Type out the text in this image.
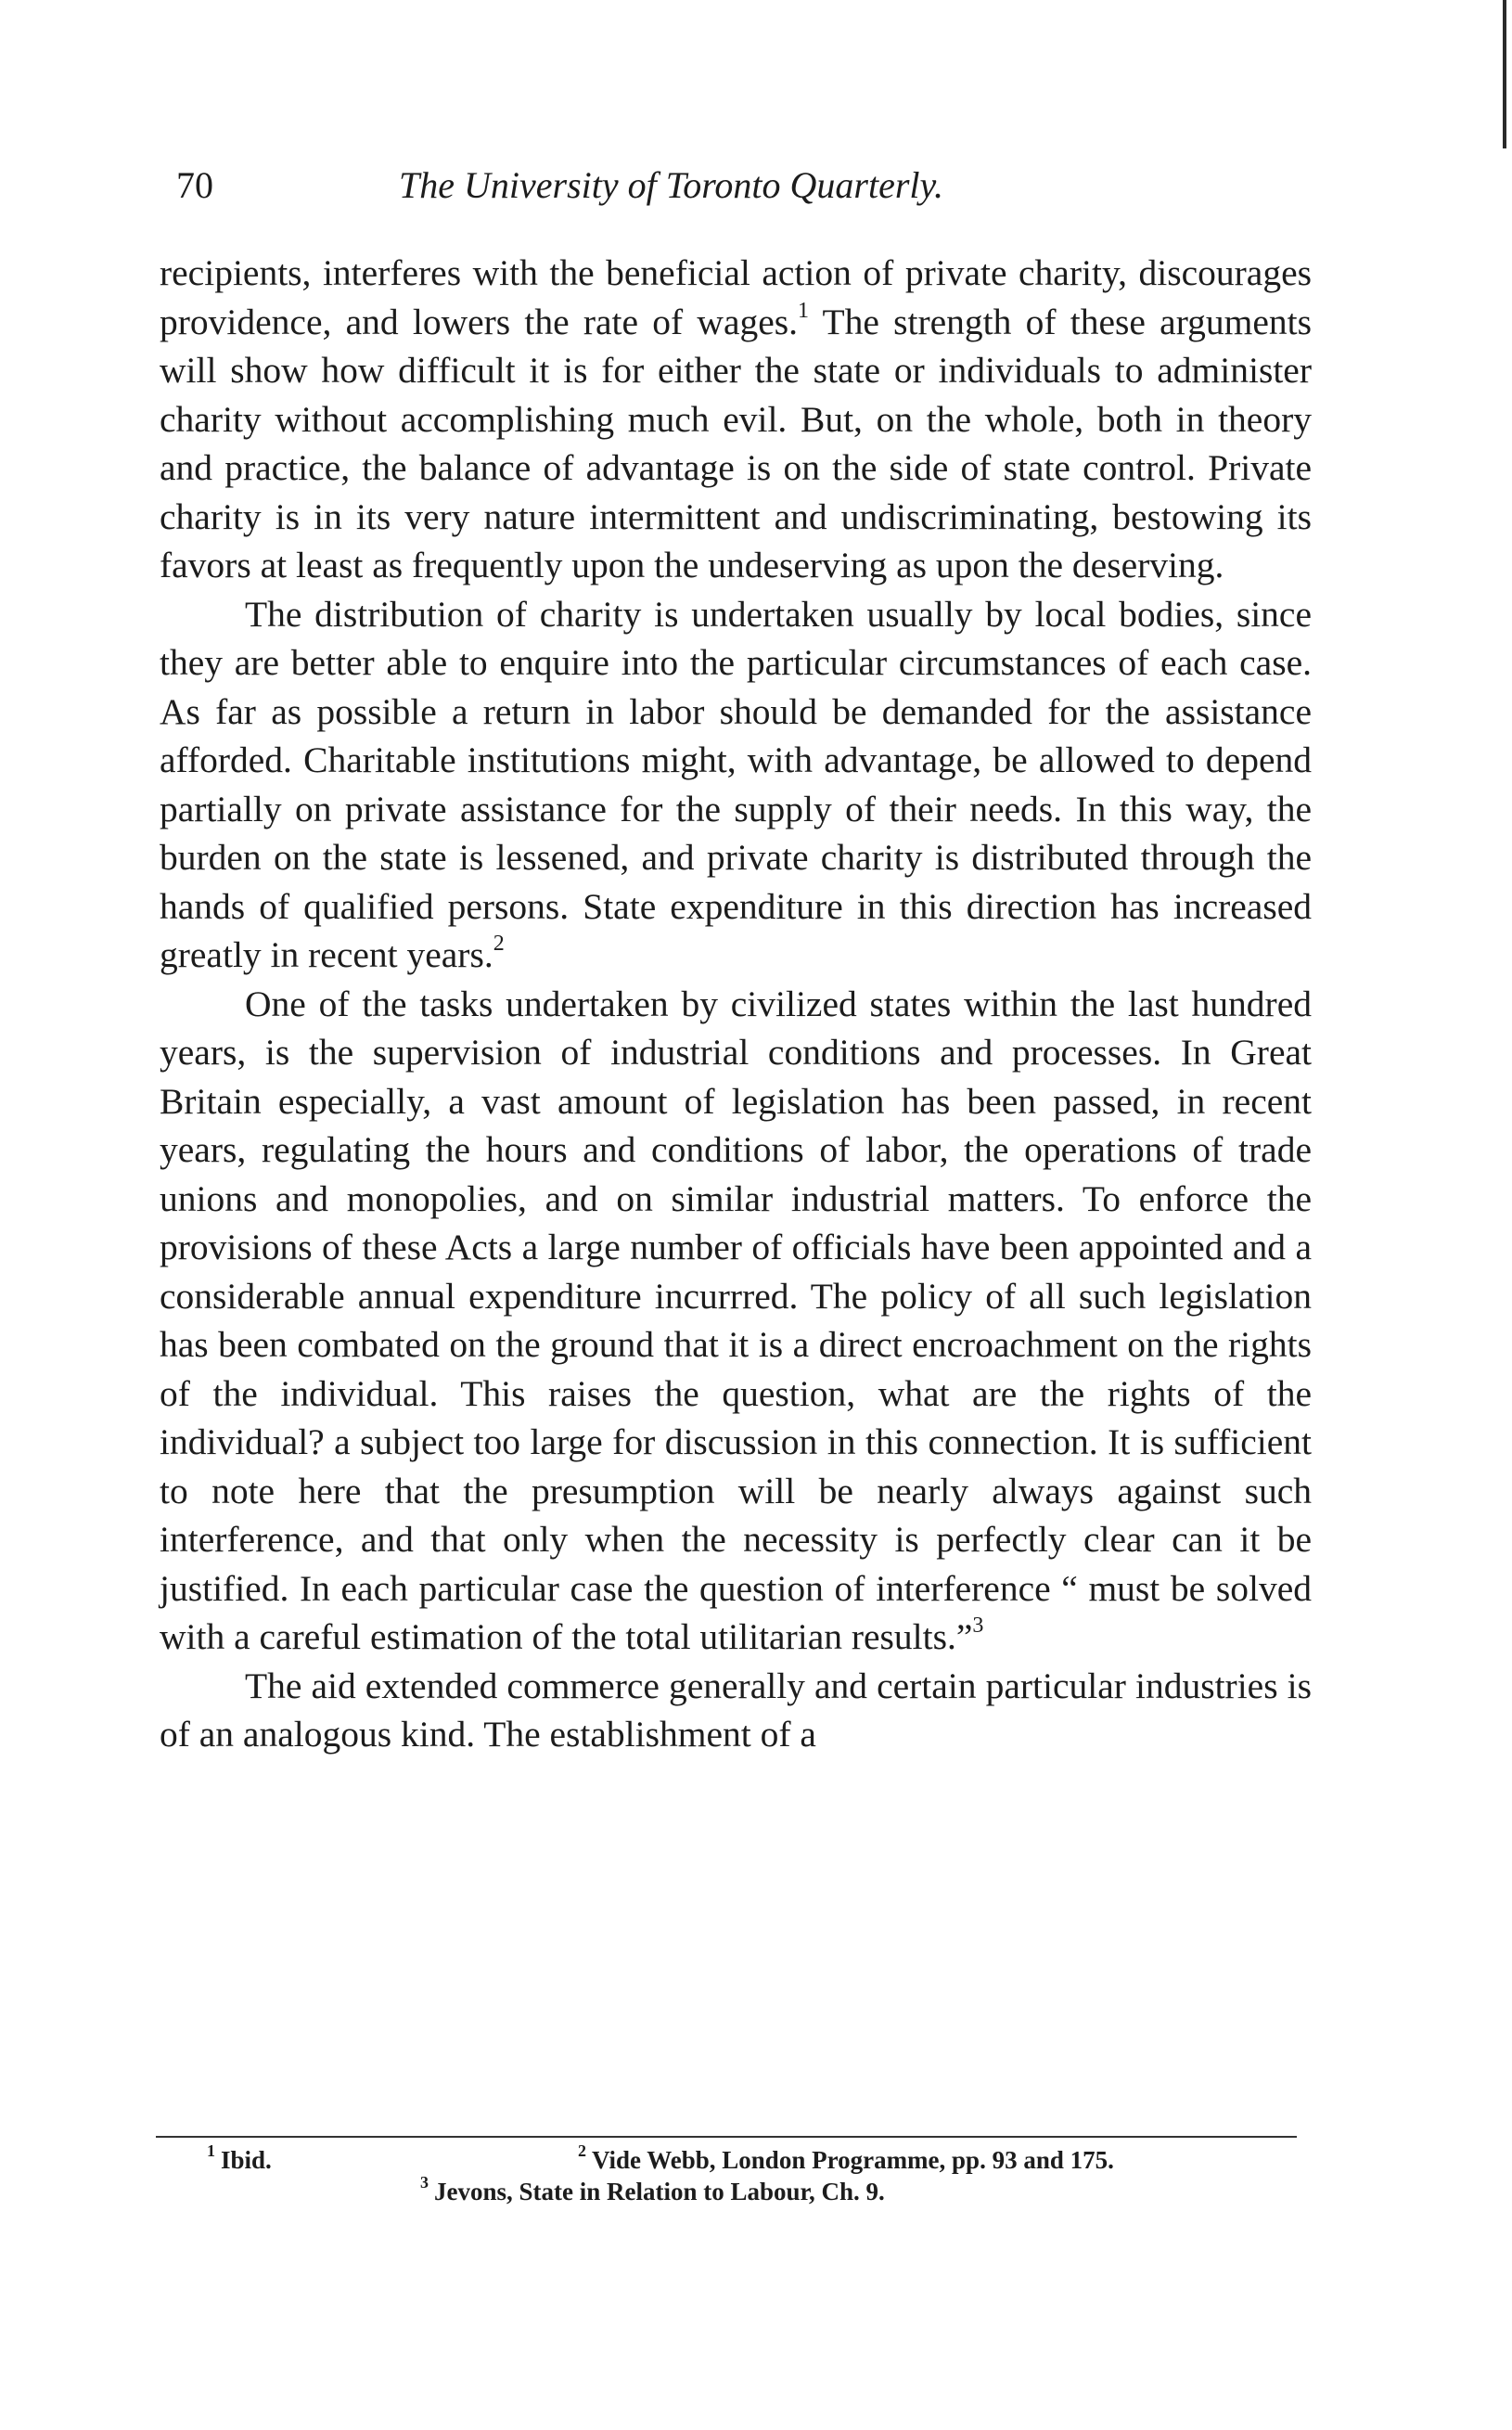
70	The University of Toronto Quarterly.

recipients, interferes with the beneficial action of private charity, discourages providence, and lowers the rate of wages.$^1$ The strength of these arguments will show how difficult it is for either the state or individuals to administer charity without accomplishing much evil. But, on the whole, both in theory and practice, the balance of advantage is on the side of state control. Private charity is in its very nature intermittent and undiscriminating, bestowing its favors at least as frequently upon the undeserving as upon the deserving.

The distribution of charity is undertaken usually by local bodies, since they are better able to enquire into the particular circumstances of each case. As far as possible a return in labor should be demanded for the assistance afforded. Charitable institutions might, with advantage, be allowed to depend partially on private assistance for the supply of their needs. In this way, the burden on the state is lessened, and private charity is distributed through the hands of qualified persons. State expenditure in this direction has increased greatly in recent years.$^2$

One of the tasks undertaken by civilized states within the last hundred years, is the supervision of industrial conditions and processes. In Great Britain especially, a vast amount of legislation has been passed, in recent years, regulating the hours and conditions of labor, the operations of trade unions and monopolies, and on similar industrial matters. To enforce the provisions of these Acts a large number of officials have been appointed and a considerable annual expenditure incurrred. The policy of all such legislation has been combated on the ground that it is a direct encroachment on the rights of the individual. This raises the question, what are the rights of the individual? a subject too large for discussion in this connection. It is sufficient to note here that the presumption will be nearly always against such interference, and that only when the necessity is perfectly clear can it be justified. In each particular case the question of interference “ must be solved with a careful estimation of the total utilitarian results.”$^3$

The aid extended commerce generally and certain particular industries is of an analogous kind. The establishment of a

$^1$ Ibid.	$^2$ Vide Webb, London Programme, pp. 93 and 175.
$^3$ Jevons, State in Relation to Labour, Ch. 9.
